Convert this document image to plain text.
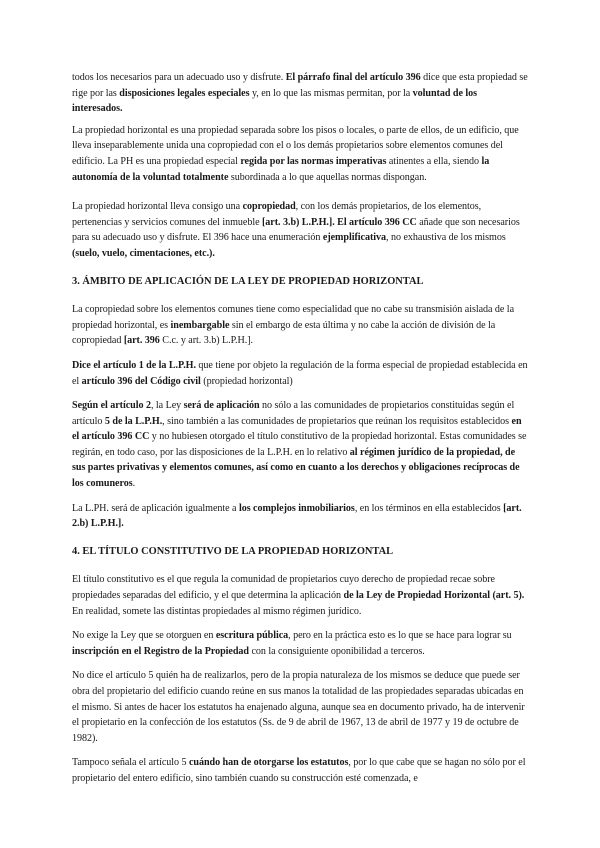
todos los necesarios para un adecuado uso y disfrute. El párrafo final del artículo 396 dice que esta propiedad se rige por las disposiciones legales especiales y, en lo que las mismas permitan, por la voluntad de los interesados.

La propiedad horizontal es una propiedad separada sobre los pisos o locales, o parte de ellos, de un edificio, que lleva inseparablemente unida una copropiedad con el o los demás propietarios sobre elementos comunes del edificio. La PH es una propiedad especial regida por las normas imperativas atinentes a ella, siendo la autonomía de la voluntad totalmente subordinada a lo que aquellas normas dispongan.

La propiedad horizontal lleva consigo una copropiedad, con los demás propietarios, de los elementos, pertenencias y servicios comunes del inmueble [art. 3.b) L.P.H.]. El artículo 396 CC añade que son necesarios para su adecuado uso y disfrute. El 396 hace una enumeración ejemplificativa, no exhaustiva de los mismos (suelo, vuelo, cimentaciones, etc.).

3. ÁMBITO DE APLICACIÓN DE LA LEY DE PROPIEDAD HORIZONTAL

La copropiedad sobre los elementos comunes tiene como especialidad que no cabe su transmisión aislada de la propiedad horizontal, es inembargable sin el embargo de esta última y no cabe la acción de división de la copropiedad [art. 396 C.c. y art. 3.b) L.P.H.].

Dice el artículo 1 de la L.P.H. que tiene por objeto la regulación de la forma especial de propiedad establecida en el artículo 396 del Código civil (propiedad horizontal)

Según el artículo 2, la Ley será de aplicación no sólo a las comunidades de propietarios constituidas según el artículo 5 de la L.P.H., sino también a las comunidades de propietarios que reúnan los requisitos establecidos en el artículo 396 CC y no hubiesen otorgado el título constitutivo de la propiedad horizontal. Estas comunidades se regirán, en todo caso, por las disposiciones de la L.P.H. en lo relativo al régimen jurídico de la propiedad, de sus partes privativas y elementos comunes, así como en cuanto a los derechos y obligaciones recíprocas de los comuneros.

La L.PH. será de aplicación igualmente a los complejos inmobiliarios, en los términos en ella establecidos [art. 2.b) L.P.H.].

4. EL TÍTULO CONSTITUTIVO DE LA PROPIEDAD HORIZONTAL

El título constitutivo es el que regula la comunidad de propietarios cuyo derecho de propiedad recae sobre propiedades separadas del edificio, y el que determina la aplicación de la Ley de Propiedad Horizontal (art. 5). En realidad, somete las distintas propiedades al mismo régimen jurídico.

No exige la Ley que se otorguen en escritura pública, pero en la práctica esto es lo que se hace para lograr su inscripción en el Registro de la Propiedad con la consiguiente oponibilidad a terceros.

No dice el artículo 5 quién ha de realizarlos, pero de la propia naturaleza de los mismos se deduce que puede ser obra del propietario del edificio cuando reúne en sus manos la totalidad de las propiedades separadas ubicadas en el mismo. Si antes de hacer los estatutos ha enajenado alguna, aunque sea en documento privado, ha de intervenir el propietario en la confección de los estatutos (Ss. de 9 de abril de 1967, 13 de abril de 1977 y 19 de octubre de 1982).

Tampoco señala el artículo 5 cuándo han de otorgarse los estatutos, por lo que cabe que se hagan no sólo por el propietario del entero edificio, sino también cuando su construcción esté comenzada, e
